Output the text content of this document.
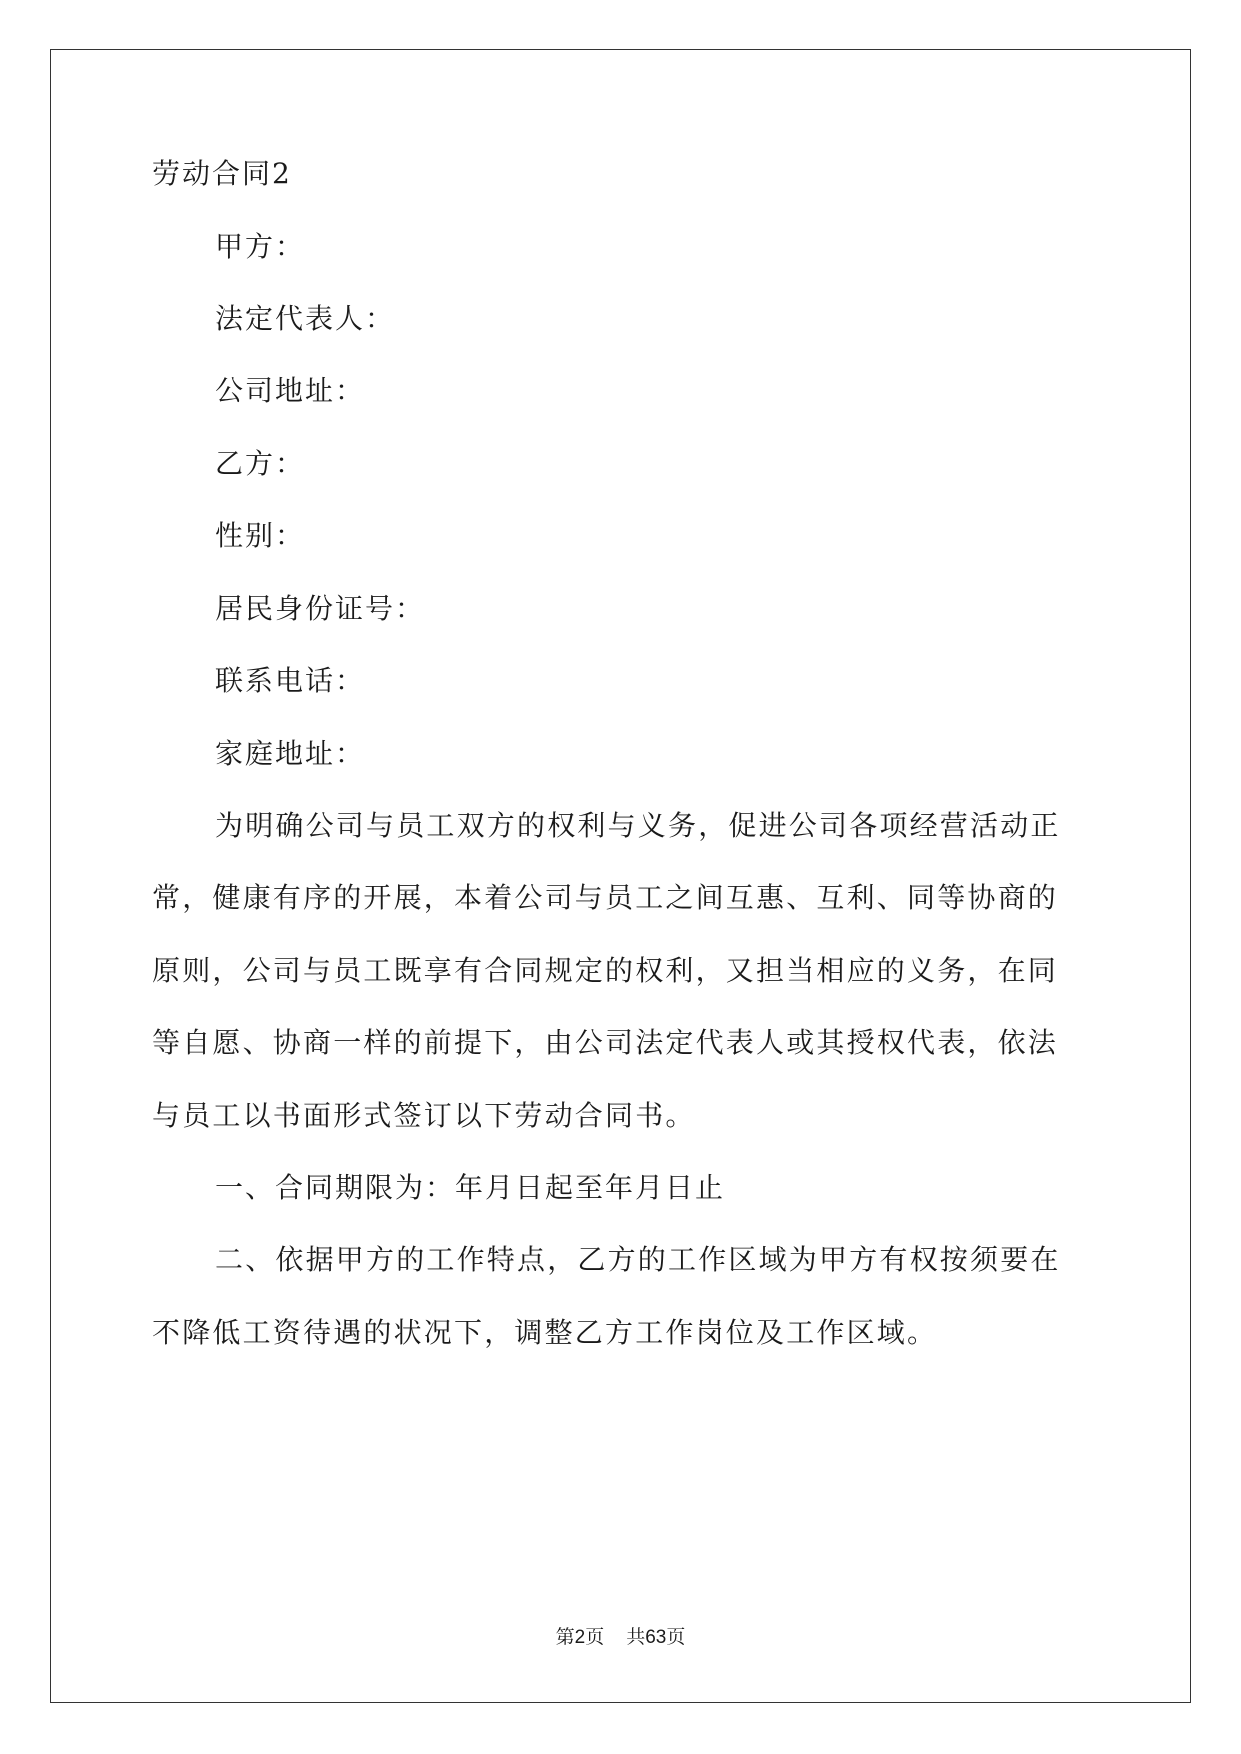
劳动合同2
甲方：
法定代表人：
公司地址：
乙方：
性别：
居民身份证号：
联系电话：
家庭地址：
为明确公司与员工双方的权利与义务，促进公司各项经营活动正
常，健康有序的开展，本着公司与员工之间互惠、互利、同等协商的
原则，公司与员工既享有合同规定的权利，又担当相应的义务，在同
等自愿、协商一样的前提下，由公司法定代表人或其授权代表，依法
与员工以书面形式签订以下劳动合同书。
一、合同期限为：年月日起至年月日止
二、依据甲方的工作特点，乙方的工作区域为甲方有权按须要在
不降低工资待遇的状况下，调整乙方工作岗位及工作区域。
第2页 共63页
